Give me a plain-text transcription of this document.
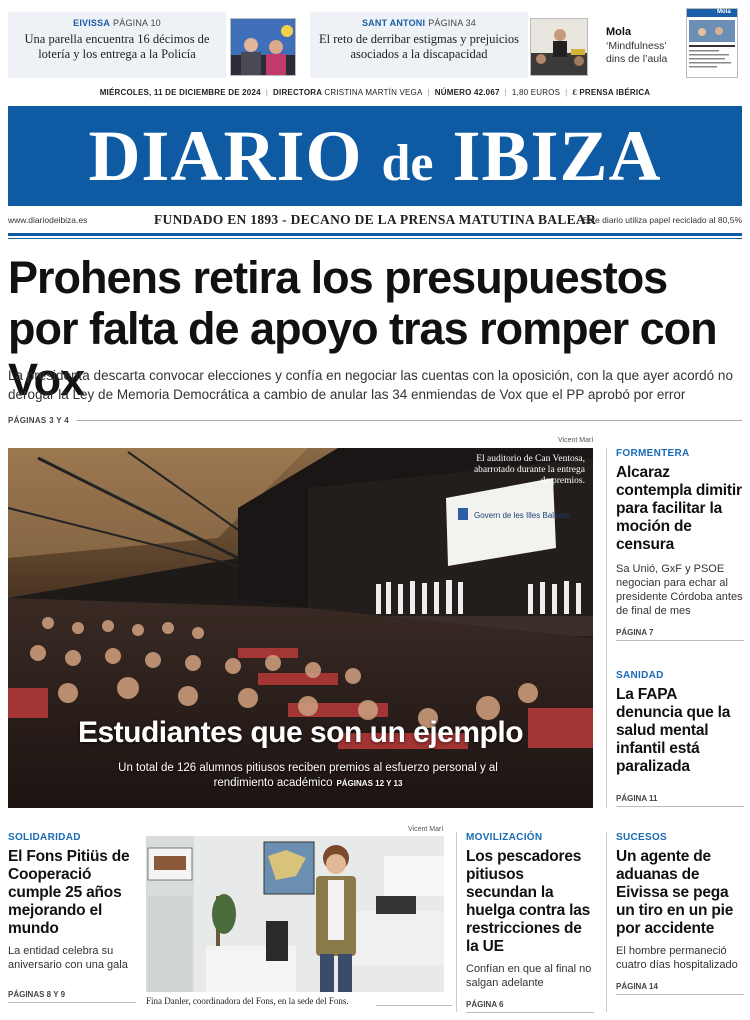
EIVISSA PÁGINA 10
Una parella encuentra 16 décimos de lotería y los entrega a la Policía
SANT ANTONI PÁGINA 34
El reto de derribar estigmas y prejuicios asociados a la discapacidad
Mola
‘Mindfulness’ dins de l’aula
Mola
MIÉRCOLES, 11 DE DICIEMBRE DE 2024 | DIRECTORA CRISTINA MARTÍN VEGA | NÚMERO 42.067 | 1,80 EUROS | Ɛ PRENSA IBÉRICA
DIARIO de IBIZA
www.diariodeibiza.es	FUNDADO EN 1893 - DECANO DE LA PRENSA MATUTINA BALEAR
Este diario utiliza papel reciclado al 80,5%
Prohens retira los presupuestos por falta de apoyo tras romper con Vox
La presidenta descarta convocar elecciones y confía en negociar las cuentas con la oposición, con la que ayer acordó no derogar la Ley de Memoria Democrática a cambio de anular las 34 enmiendas de Vox que el PP aprobó por error
PÁGINAS 3 Y 4
Vicent Marí
Govern de les Illes Balears
El auditorio de Can Ventosa, abarrotado durante la entrega de premios.
Estudiantes que son un ejemplo
Un total de 126 alumnos pitiusos reciben premios al esfuerzo personal y al rendimiento académico PÁGINAS 12 Y 13
FORMENTERA
Alcaraz contempla dimitir para facilitar la moción de censura
Sa Unió, GxF y PSOE negocian para echar al presidente Córdoba antes de final de mes
PÁGINA 7
SANIDAD
La FAPA denuncia que la salud mental infantil está paralizada
PÁGINA 11
SOLIDARIDAD
El Fons Pitiüs de Cooperació cumple 25 años mejorando el mundo
La entidad celebra su aniversario con una gala
PÁGINAS 8 Y 9
Vicent Marí
Fina Danler, coordinadora del Fons, en la sede del Fons.
MOVILIZACIÓN
Los pescadores pitiusos secundan la huelga contra las restricciones de la UE
Confían en que al final no salgan adelante
PÁGINA 6
SUCESOS
Un agente de aduanas de Eivissa se pega un tiro en un pie por accidente
El hombre permaneció cuatro días hospitalizado
PÁGINA 14
